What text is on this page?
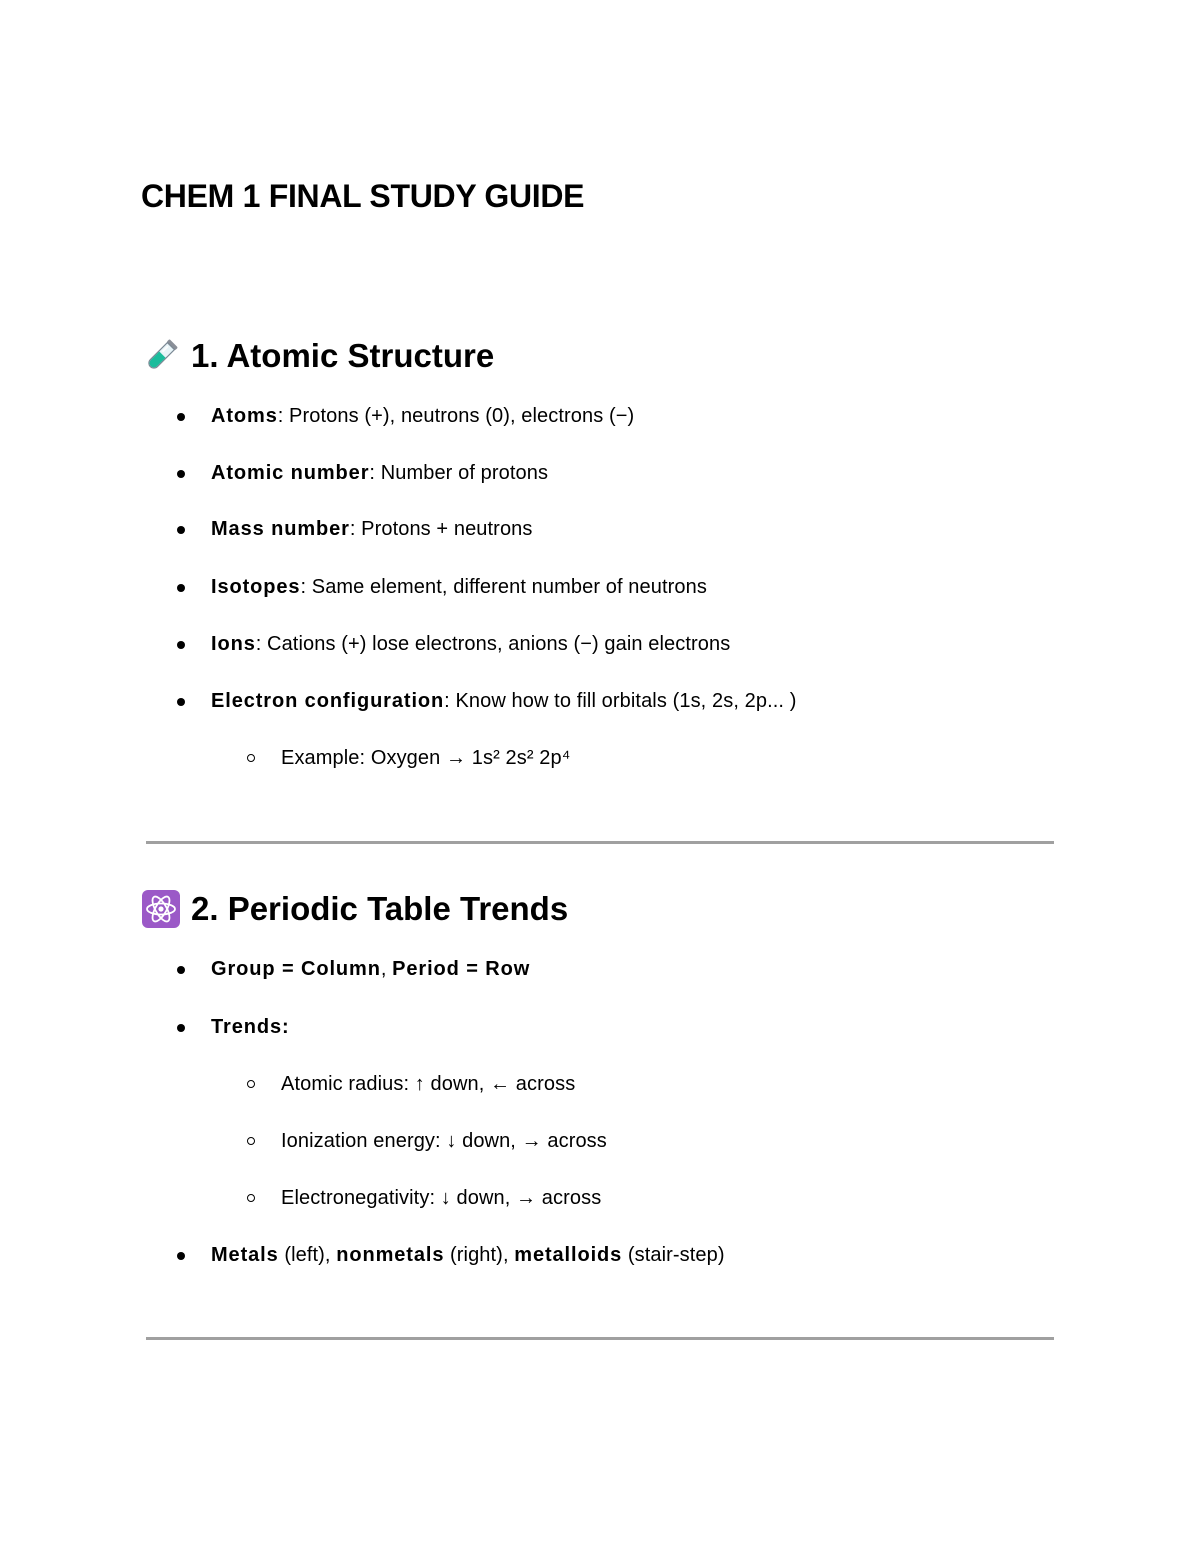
CHEM 1 FINAL STUDY GUIDE
1. Atomic Structure
Atoms: Protons (+), neutrons (0), electrons (−)
Atomic number: Number of protons
Mass number: Protons + neutrons
Isotopes: Same element, different number of neutrons
Ions: Cations (+) lose electrons, anions (−) gain electrons
Electron configuration: Know how to fill orbitals (1s, 2s, 2p... )
Example: Oxygen → 1s² 2s² 2p⁴
2. Periodic Table Trends
Group = Column, Period = Row
Trends:
Atomic radius: ↑ down, ← across
Ionization energy: ↓ down, → across
Electronegativity: ↓ down, → across
Metals (left), nonmetals (right), metalloids (stair-step)
